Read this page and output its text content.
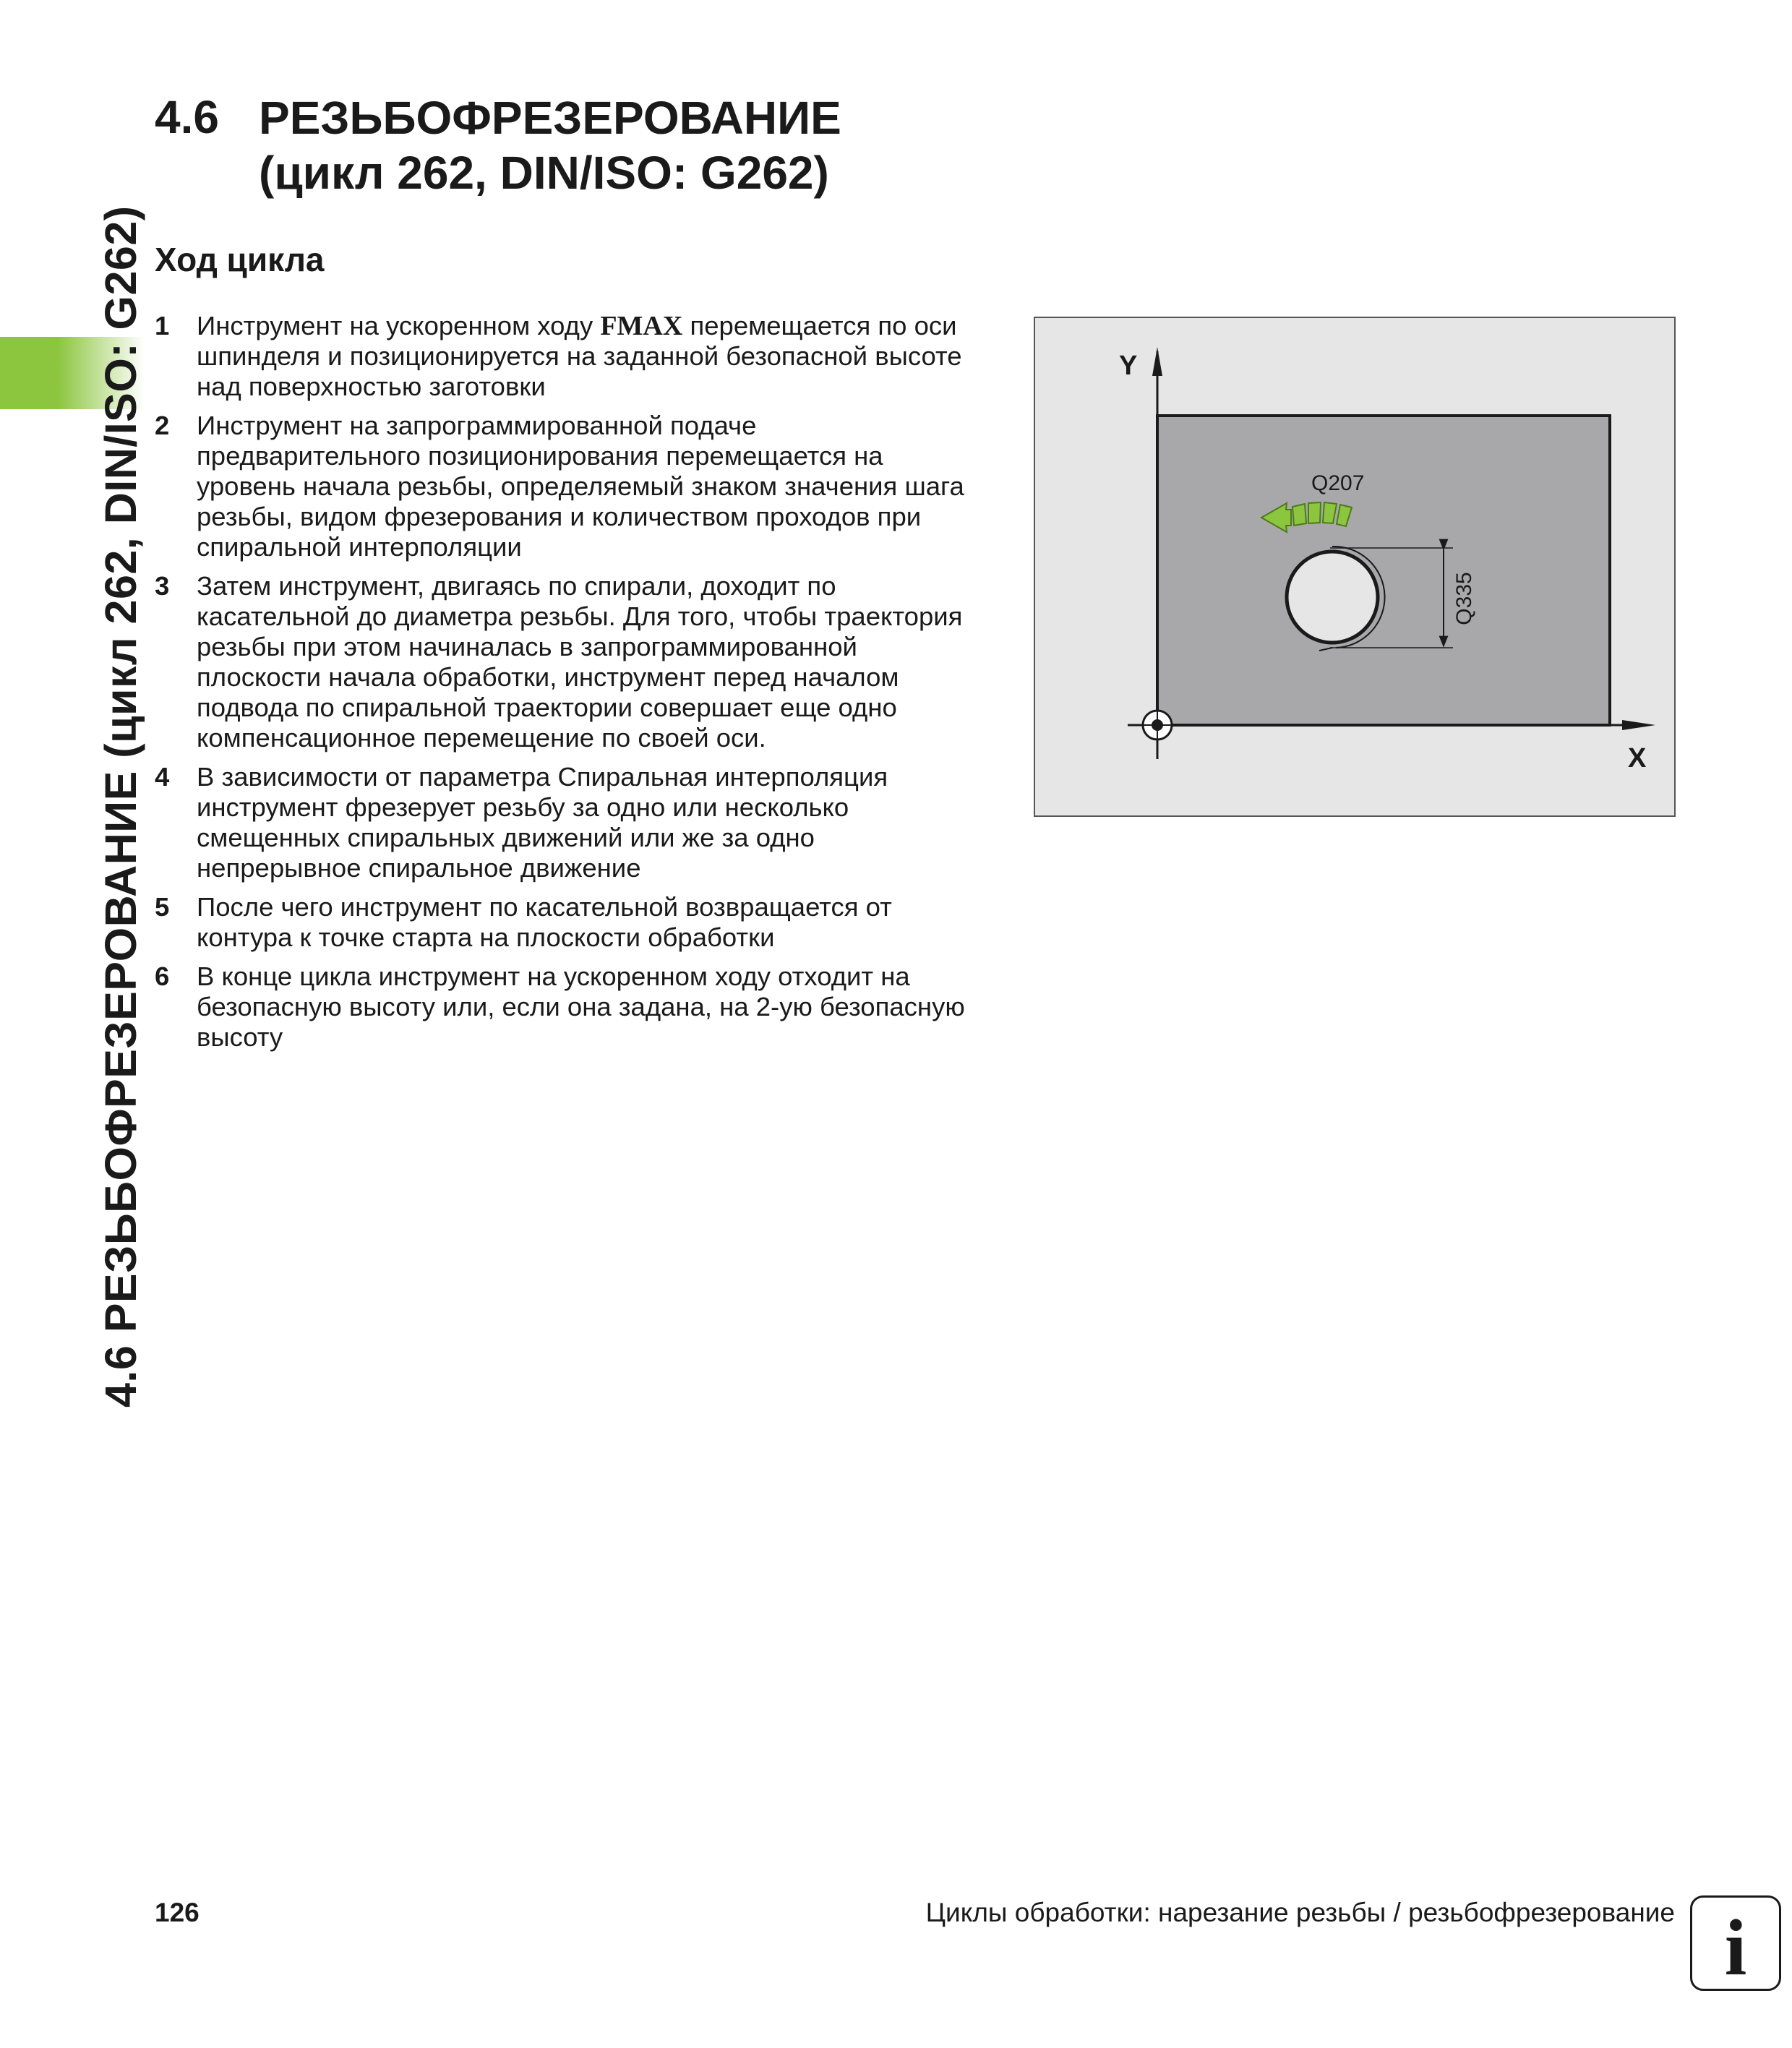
4.6 РЕЗЬБОФРЕЗЕРОВАНИЕ (цикл 262, DIN/ISO: G262)
4.6 РЕЗЬБОФРЕЗЕРОВАНИЕ
(цикл 262, DIN/ISO: G262)
Ход цикла
1 Инструмент на ускоренном ходу FMAX перемещается по оси
шпинделя и позиционируется на заданной безопасной высоте
над поверхностью заготовки
2 Инструмент на запрограммированной подаче
предварительного позиционирования перемещается на
уровень начала резьбы, определяемый знаком значения шага
резьбы, видом фрезерования и количеством проходов при
спиральной интерполяции
3 Затем инструмент, двигаясь по спирали, доходит по
касательной до диаметра резьбы. Для того, чтобы траектория
резьбы при этом начиналась в запрограммированной
плоскости начала обработки, инструмент перед началом
подвода по спиральной траектории совершает еще одно
компенсационное перемещение по своей оси.
4 В зависимости от параметра Спиральная интерполяция
инструмент фрезерует резьбу за одно или несколько
смещенных спиральных движений или же за одно
непрерывное спиральное движение
5 После чего инструмент по касательной возвращается от
контура к точке старта на плоскости обработки
6 В конце цикла инструмент на ускоренном ходу отходит на
безопасную высоту или, если она задана, на 2-ую безопасную
высоту
Y
X
Q335
Q207
126	Циклы обработки: нарезание резьбы / резьбофрезерование i
